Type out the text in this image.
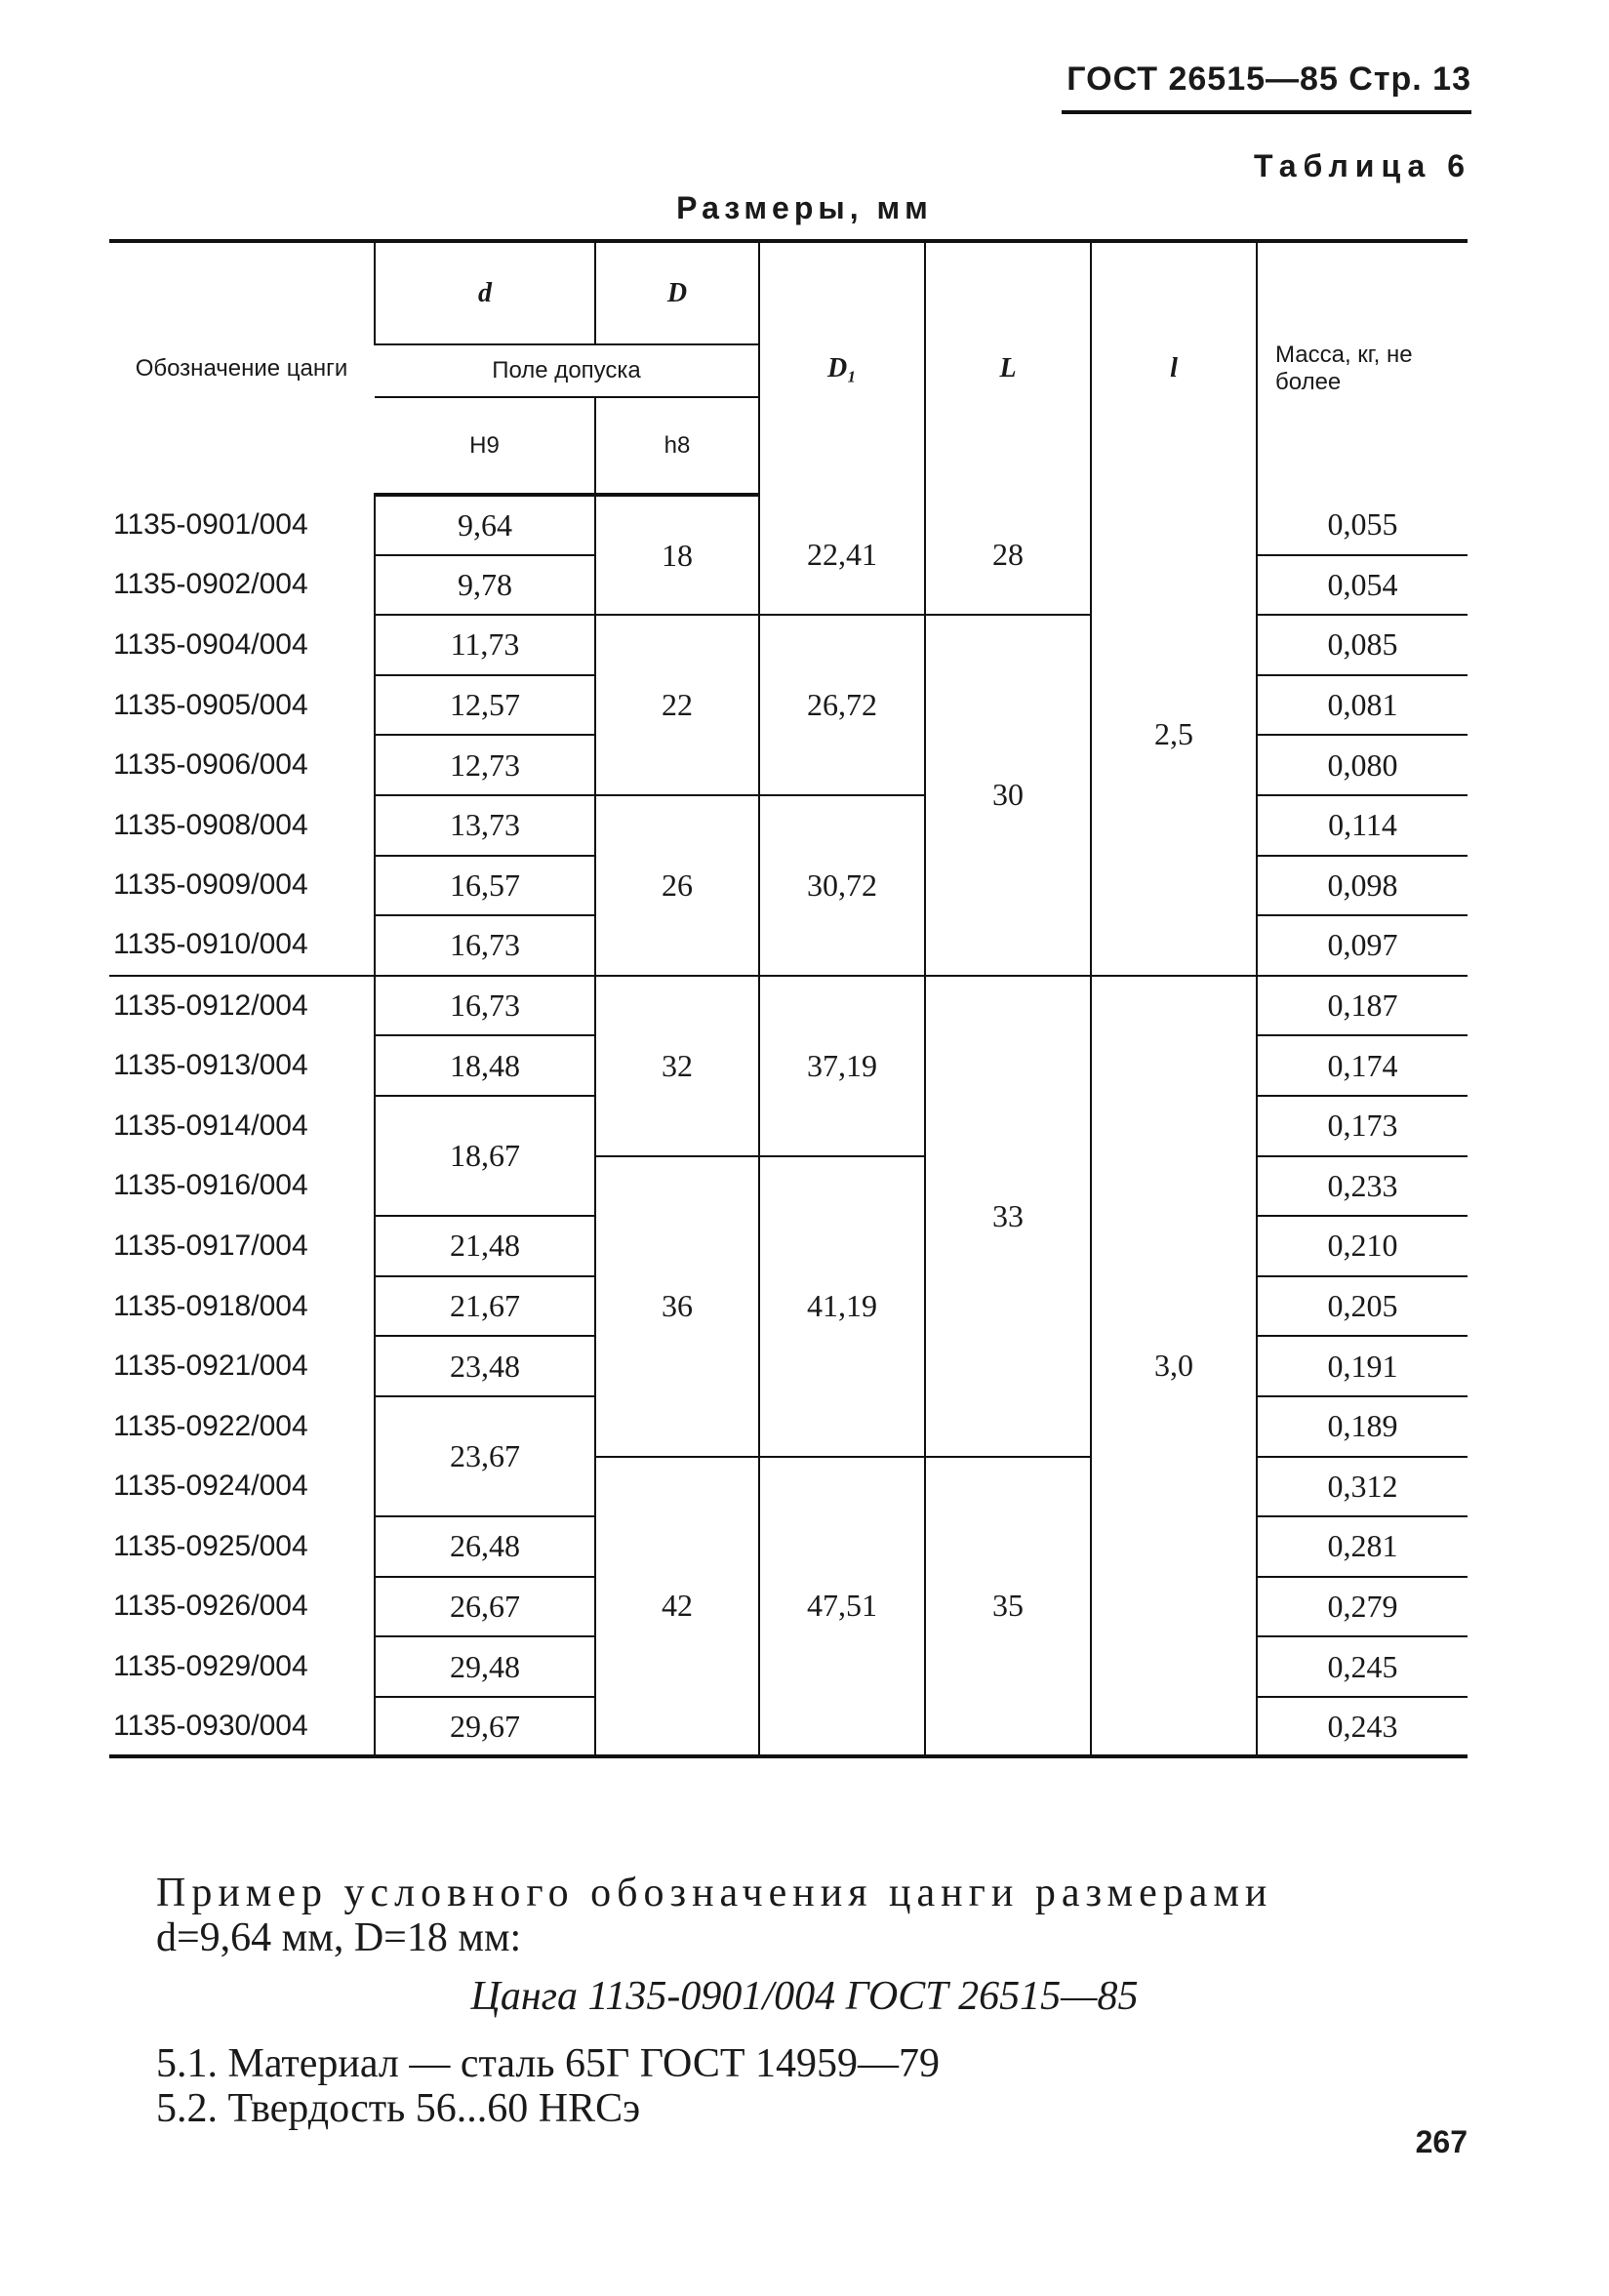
ГОСТ 26515—85 Стр. 13
Таблица 6
Размеры, мм
Обозначение цанги	d	D	D₁	L	l	Масса, кг, не более
	Поле допуска					
	H9	h8				
1135-0901/004	9,64	18	22,41	28	2,5	0,055
1135-0902/004	9,78					0,054
1135-0904/004	11,73	22	26,72	30		0,085
1135-0905/004	12,57					0,081
1135-0906/004	12,73					0,080
1135-0908/004	13,73	26	30,72			0,114
1135-0909/004	16,57					0,098
1135-0910/004	16,73					0,097
1135-0912/004	16,73	32	37,19	33	3,0	0,187
1135-0913/004	18,48					0,174
1135-0914/004	18,67					0,173
1135-0916/004		36	41,19			0,233
1135-0917/004	21,48					0,210
1135-0918/004	21,67					0,205
1135-0921/004	23,48					0,191
1135-0922/004	23,67					0,189
1135-0924/004		42	47,51	35		0,312
1135-0925/004	26,48					0,281
1135-0926/004	26,67					0,279
1135-0929/004	29,48					0,245
1135-0930/004	29,67					0,243
Пример условного обозначения цанги размерами
d=9,64 мм, D=18 мм:
Цанга 1135-0901/004 ГОСТ 26515—85
5.1. Материал — сталь 65Г ГОСТ 14959—79
5.2. Твердость 56...60 HRCэ
267
